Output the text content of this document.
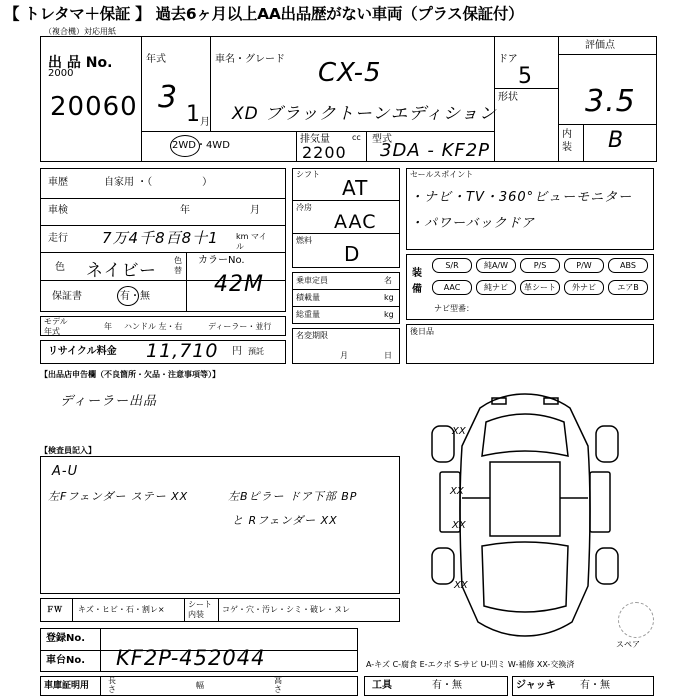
【 トレタマ＋保証 】 過去6ヶ月以上AA出品歴がない車両（プラス保証付）
（複合機）対応用紙
出 品 No.
2000
20060
年式
3 1 月
車名・グレード CX-5
XD ブラックトーンエディション
ドア
5
形状
評価点
3.5
内装	B
2WD・4WD
排気量
2200
cc 型式
3DA - KF2P
車歴	自家用 ・（　　　　　）
車検	年	月
走行 7万4千8百8十1 km マイル
色 ネイビー
色替
カラーNo.
42M
保証書	有・無
モデル年式
年 ハンドル 左・右	ディーラー・並行
リサイクル料金 11,710 円 預託
シフト
AT
冷房
AAC
燃料
D
乗車定員	名
積載量	kg
総重量	kg
名変期限
月	日
セールスポイント
・ナビ・TV・360°ビューモニター
・パワーバックドア
装備
S/R	純A/W	P/S	P/W	ABS
AAC	純ナビ	革シート	外ナビ	エアB
ナビ型番：
後日品
【出品店申告欄（不良箇所・欠品・注意事項等）】
ディーラー出品
【検査員記入】
A-U
左Fフェンダー ステー XX	左Bピラー ドア下部 BP
と Rフェンダー XX
XX
XX
XX
XX
スペア
ＦＷ キズ・ヒビ・石・割レ×
シート内装
コゲ・穴・汚レ・シミ・破レ・ヌレ
登録No.
車台No. KF2P-452044	A-キズ C-腐食 E-エクボ S-サビ U-凹ミ W-補修 XX-交換済
車庫証明用
長さ	幅
高さ	工具	有・無	ジャッキ 有・無
